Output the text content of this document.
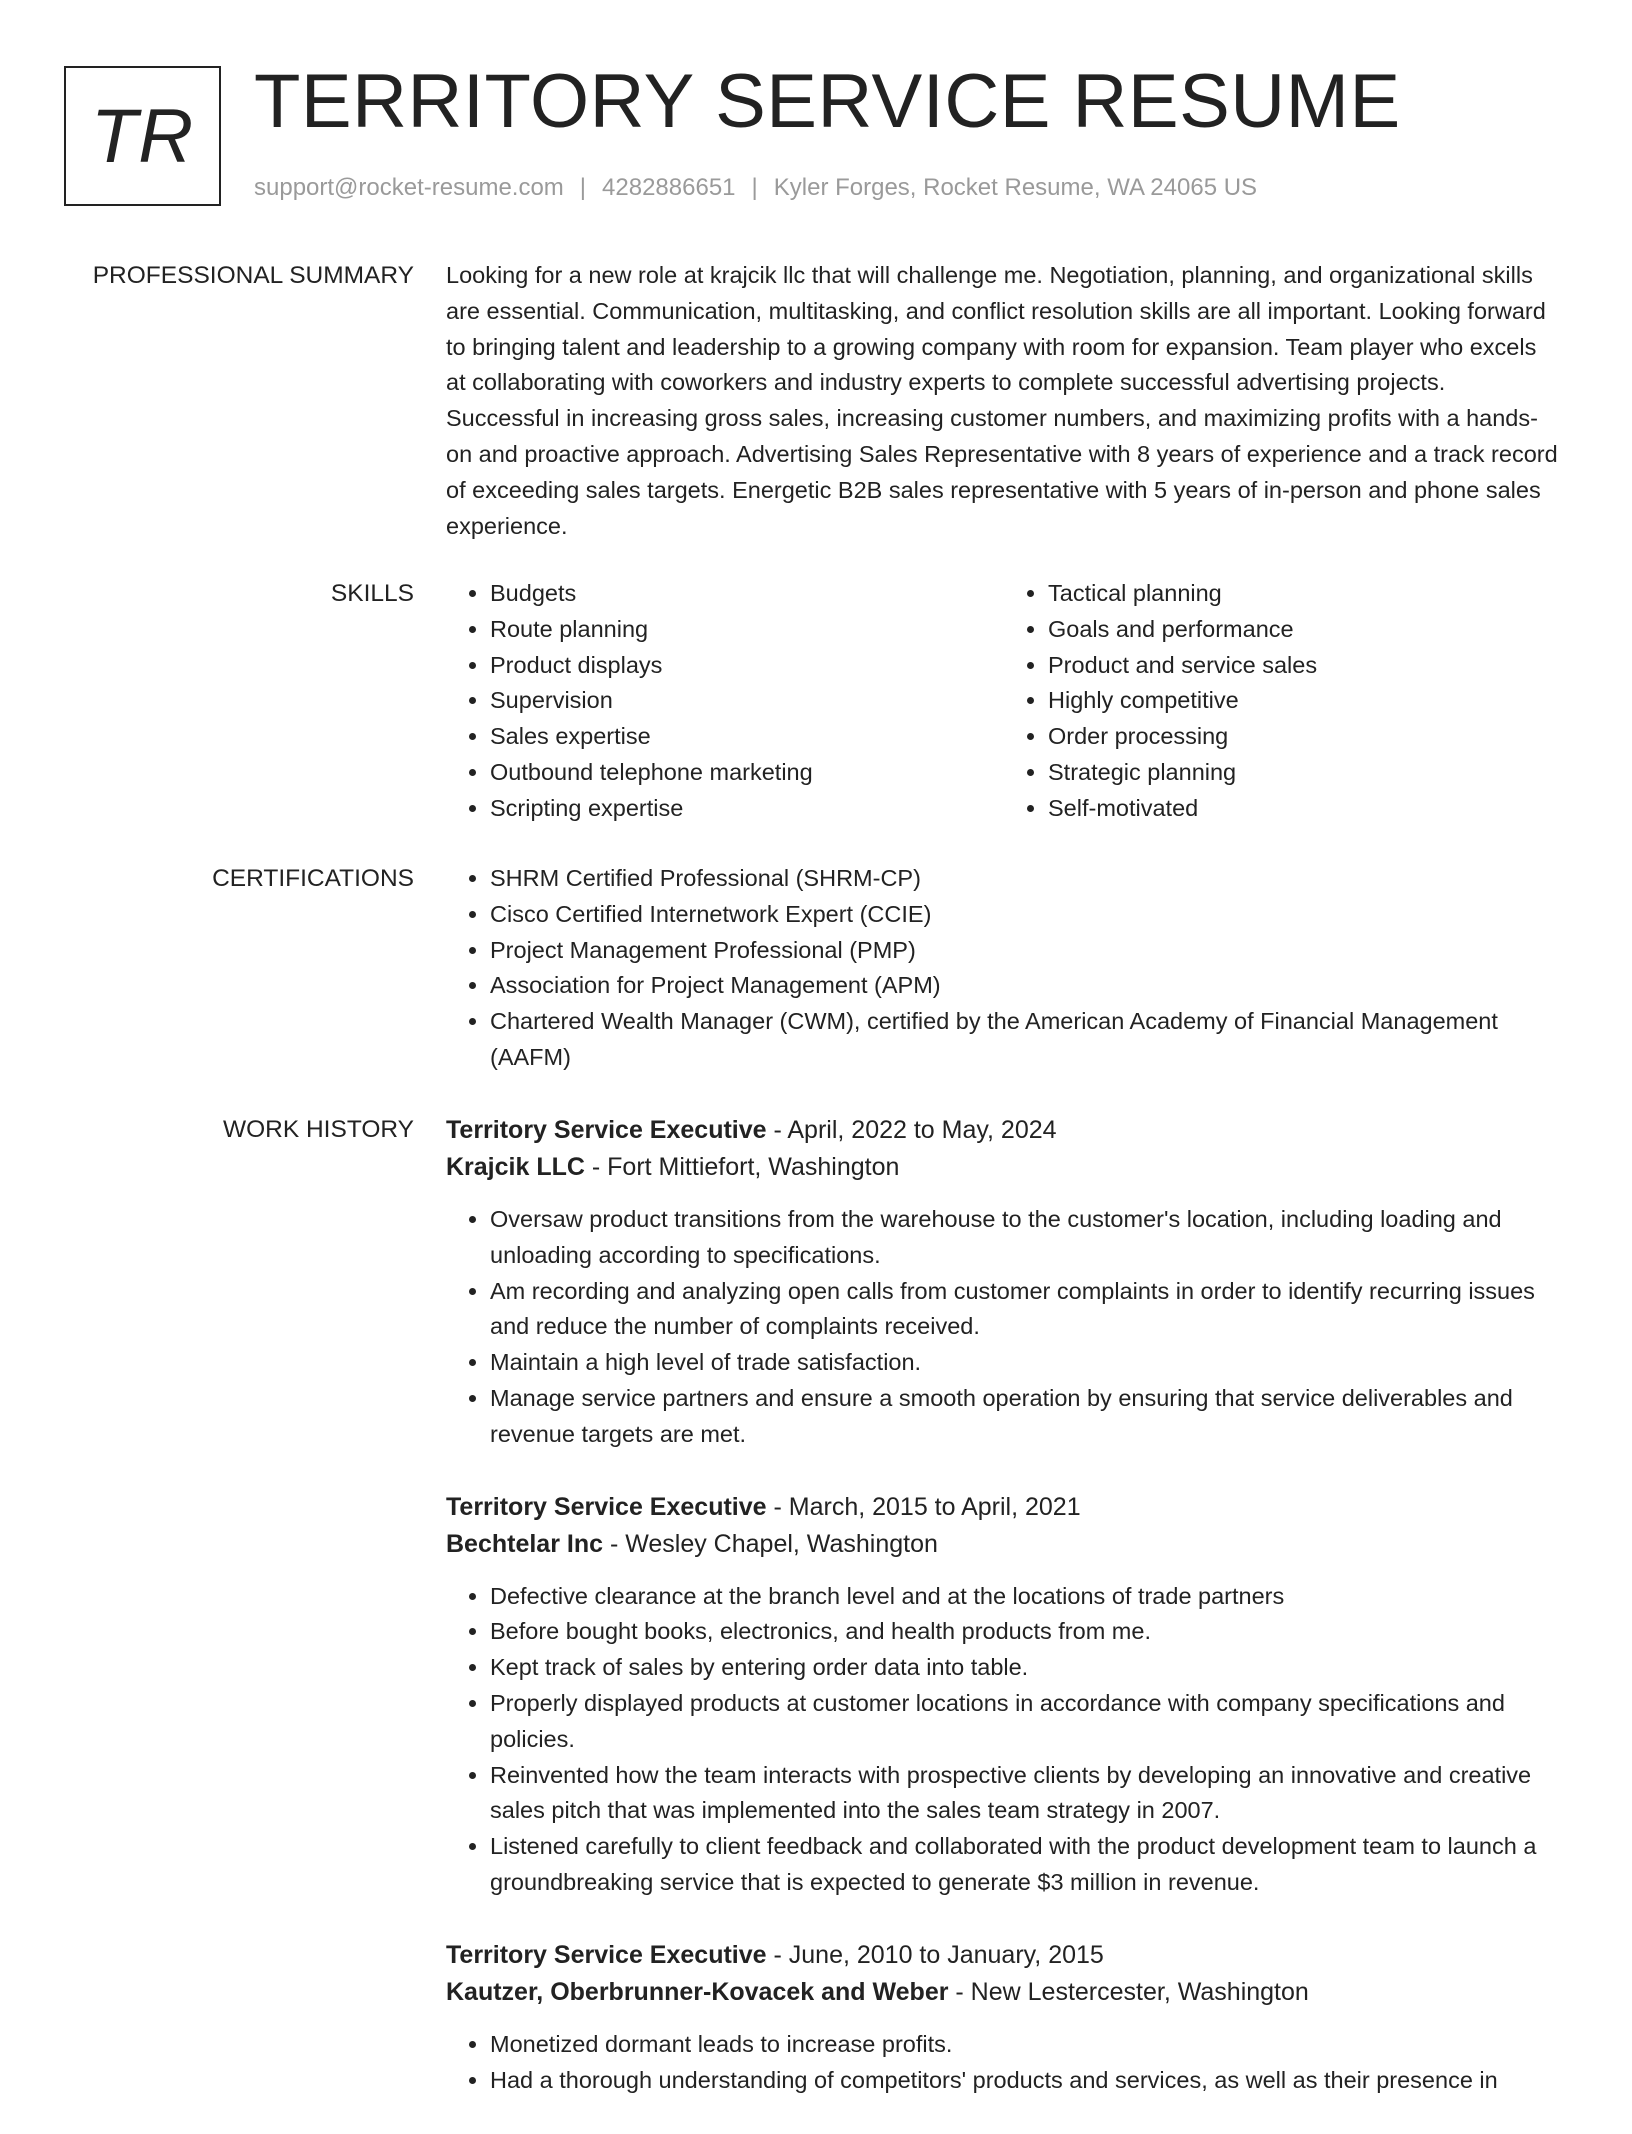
TR TERRITORY SERVICE RESUME
support@rocket-resume.com | 4282886651 | Kyler Forges, Rocket Resume, WA 24065 US
PROFESSIONAL SUMMARY Looking for a new role at krajcik llc that will challenge me. Negotiation, planning, and organizational skills are essential. Communication, multitasking, and conflict resolution skills are all important. Looking forward to bringing talent and leadership to a growing company with room for expansion. Team player who excels at collaborating with coworkers and industry experts to complete successful advertising projects. Successful in increasing gross sales, increasing customer numbers, and maximizing profits with a hands-on and proactive approach. Advertising Sales Representative with 8 years of experience and a track record of exceeding sales targets. Energetic B2B sales representative with 5 years of in-person and phone sales experience.

SKILLS	• Budgets
• Route planning
• Product displays
• Supervision
• Sales expertise
• Outbound telephone marketing
• Scripting expertise
• Tactical planning
• Goals and performance
• Product and service sales
• Highly competitive
• Order processing
• Strategic planning
• Self-motivated
CERTIFICATIONS	• SHRM Certified Professional (SHRM-CP)
• Cisco Certified Internetwork Expert (CCIE)
• Project Management Professional (PMP)
• Association for Project Management (APM)
• Chartered Wealth Manager (CWM), certified by the American Academy of Financial Management (AAFM)
WORK HISTORY Territory Service Executive - April, 2022 to May, 2024
Krajcik LLC - Fort Mittiefort, Washington
• Oversaw product transitions from the warehouse to the customer's location, including loading and unloading according to specifications.
• Am recording and analyzing open calls from customer complaints in order to identify recurring issues and reduce the number of complaints received.
• Maintain a high level of trade satisfaction.
• Manage service partners and ensure a smooth operation by ensuring that service deliverables and revenue targets are met.
Territory Service Executive - March, 2015 to April, 2021
Bechtelar Inc - Wesley Chapel, Washington
• Defective clearance at the branch level and at the locations of trade partners
• Before bought books, electronics, and health products from me.
• Kept track of sales by entering order data into table.
• Properly displayed products at customer locations in accordance with company specifications and policies.
• Reinvented how the team interacts with prospective clients by developing an innovative and creative sales pitch that was implemented into the sales team strategy in 2007.
• Listened carefully to client feedback and collaborated with the product development team to launch a groundbreaking service that is expected to generate $3 million in revenue.
Territory Service Executive - June, 2010 to January, 2015
Kautzer, Oberbrunner-Kovacek and Weber - New Lestercester, Washington
• Monetized dormant leads to increase profits.
• Had a thorough understanding of competitors' products and services, as well as their presence in
